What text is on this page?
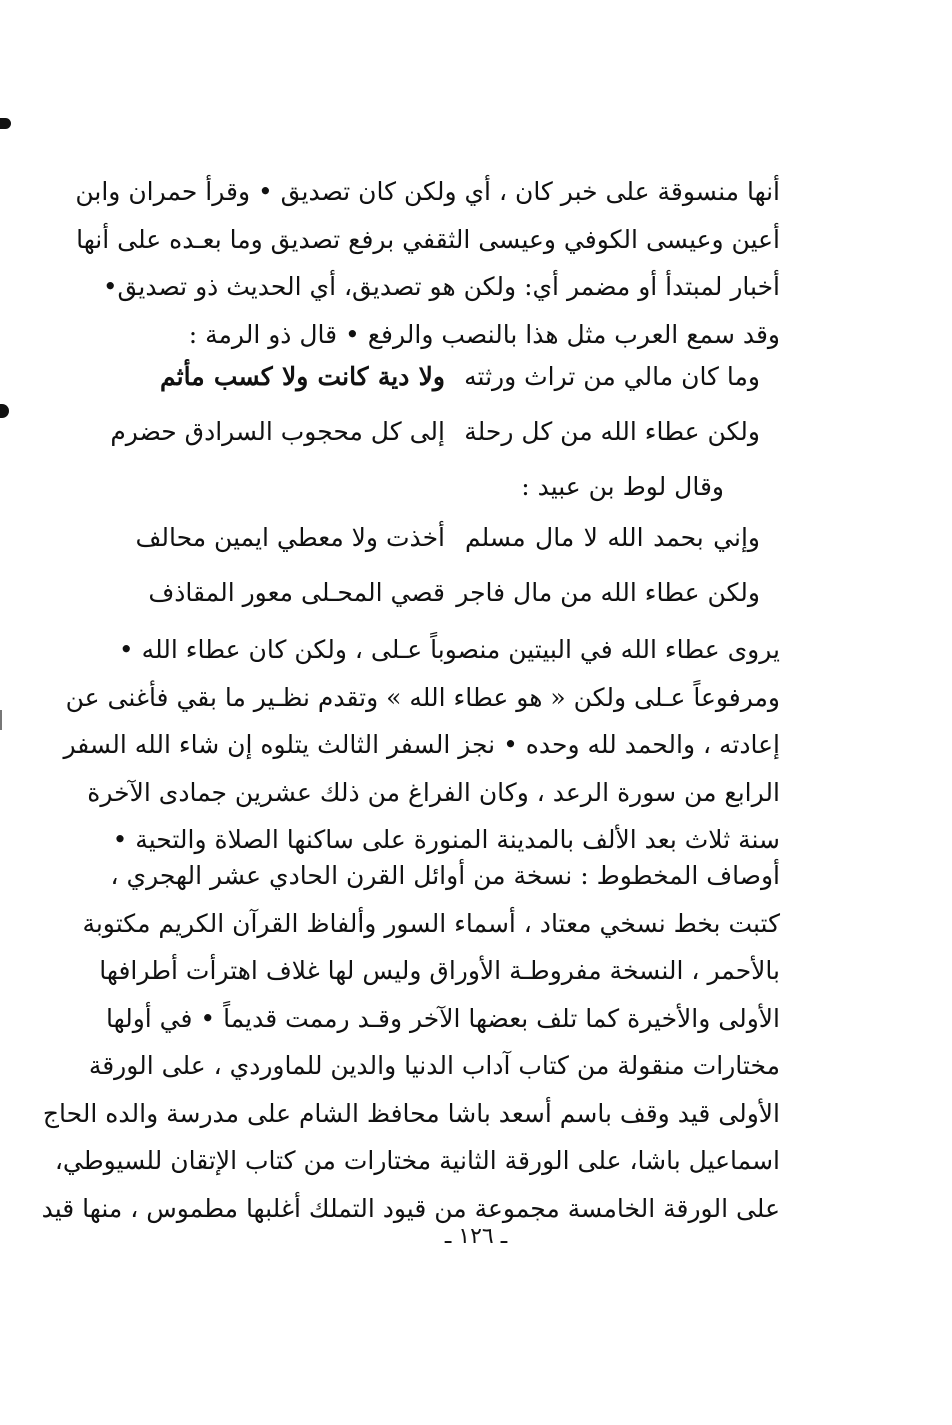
أنها منسوقة على خبر كان ، أي ولكن كان تصديق • وقرأ حمران وابن
أعين وعيسى الكوفي وعيسى الثقفي برفع تصديق وما بعـده على أنها
أخبار لمبتدأ أو مضمر أي: ولكن هو تصديق، أي الحديث ذو تصديق•
وقد سمع العرب مثل هذا بالنصب والرفع • قال ذو الرمة :
وما كان مالي من تراث ورثته
ولا دية كانت ولا كسب مأثم
ولكن عطاء الله من كل رحلة
إلى كل محجوب السرادق حضرم
وقال لوط بن عبيد :
وإني بحمد الله لا مال مسلم
أخذت ولا معطي ايمين محالف
ولكن عطاء الله من مال فاجر
قصي المحـلى معور المقاذف
يروى عطاء الله في البيتين منصوباً عـلى ، ولكن كان عطاء الله •
ومرفوعاً عـلى ولكن « هو عطاء الله » وتقدم نظـير ما بقي فأغنى عن
إعادته ، والحمد لله وحده • نجز السفر الثالث يتلوه إن شاء الله السفر
الرابع من سورة الرعد ، وكان الفراغ من ذلك عشرين جمادى الآخرة
سنة ثلاث بعد الألف بالمدينة المنورة على ساكنها الصلاة والتحية •
أوصاف المخطوط : نسخة من أوائل القرن الحادي عشر الهجري ،
كتبت بخط نسخي معتاد ، أسماء السور وألفاظ القرآن الكريم مكتوبة
بالأحمر ، النسخة مفروطـة الأوراق وليس لها غلاف اهترأت أطرافها
الأولى والأخيرة كما تلف بعضها الآخر وقـد رممت قديماً • في أولها
مختارات منقولة من كتاب آداب الدنيا والدين للماوردي ، على الورقة
الأولى قيد وقف باسم أسعد باشا محافظ الشام على مدرسة والده الحاج
اسماعيل باشا، على الورقة الثانية مختارات من كتاب الإتقان للسيوطي،
على الورقة الخامسة مجموعة من قيود التملك أغلبها مطموس ، منها قيد
ـ ١٢٦ ـ
